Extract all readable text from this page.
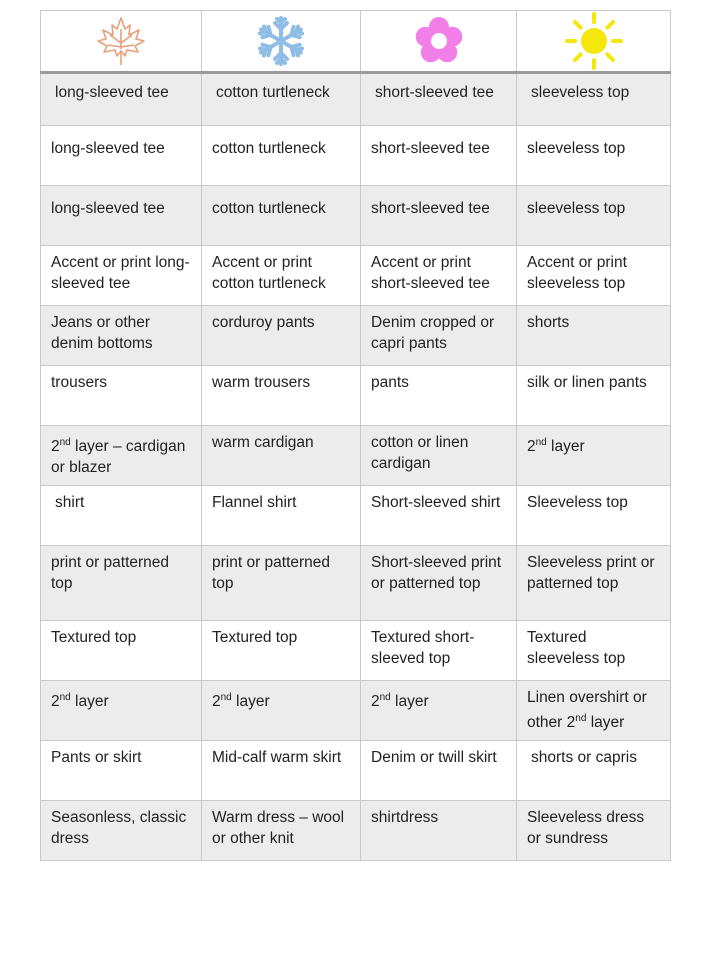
long-sleeved tee	cotton turtleneck	short-sleeved tee	sleeveless top
long-sleeved tee	cotton turtleneck	short-sleeved tee	sleeveless top
long-sleeved tee	cotton turtleneck	short-sleeved tee	sleeveless top
Accent or print long-sleeved tee	Accent or print cotton turtleneck	Accent or print short-sleeved tee	Accent or print sleeveless top
Jeans or other denim bottoms	corduroy pants	Denim cropped or capri pants	shorts
trousers	warm trousers	pants	silk or linen pants
2nd layer – cardigan or blazer	warm cardigan	cotton or linen cardigan	2nd layer
shirt	Flannel shirt	Short-sleeved shirt	Sleeveless top
print or patterned top	print or patterned top	Short-sleeved print or patterned top	Sleeveless print or patterned top
Textured top	Textured top	Textured short-sleeved top	Textured sleeveless top
2nd layer	2nd layer	2nd layer	Linen overshirt or other 2nd layer
Pants or skirt	Mid-calf warm skirt	Denim or twill skirt	shorts or capris
Seasonless, classic dress	Warm dress – wool or other knit	shirtdress	Sleeveless dress or sundress
